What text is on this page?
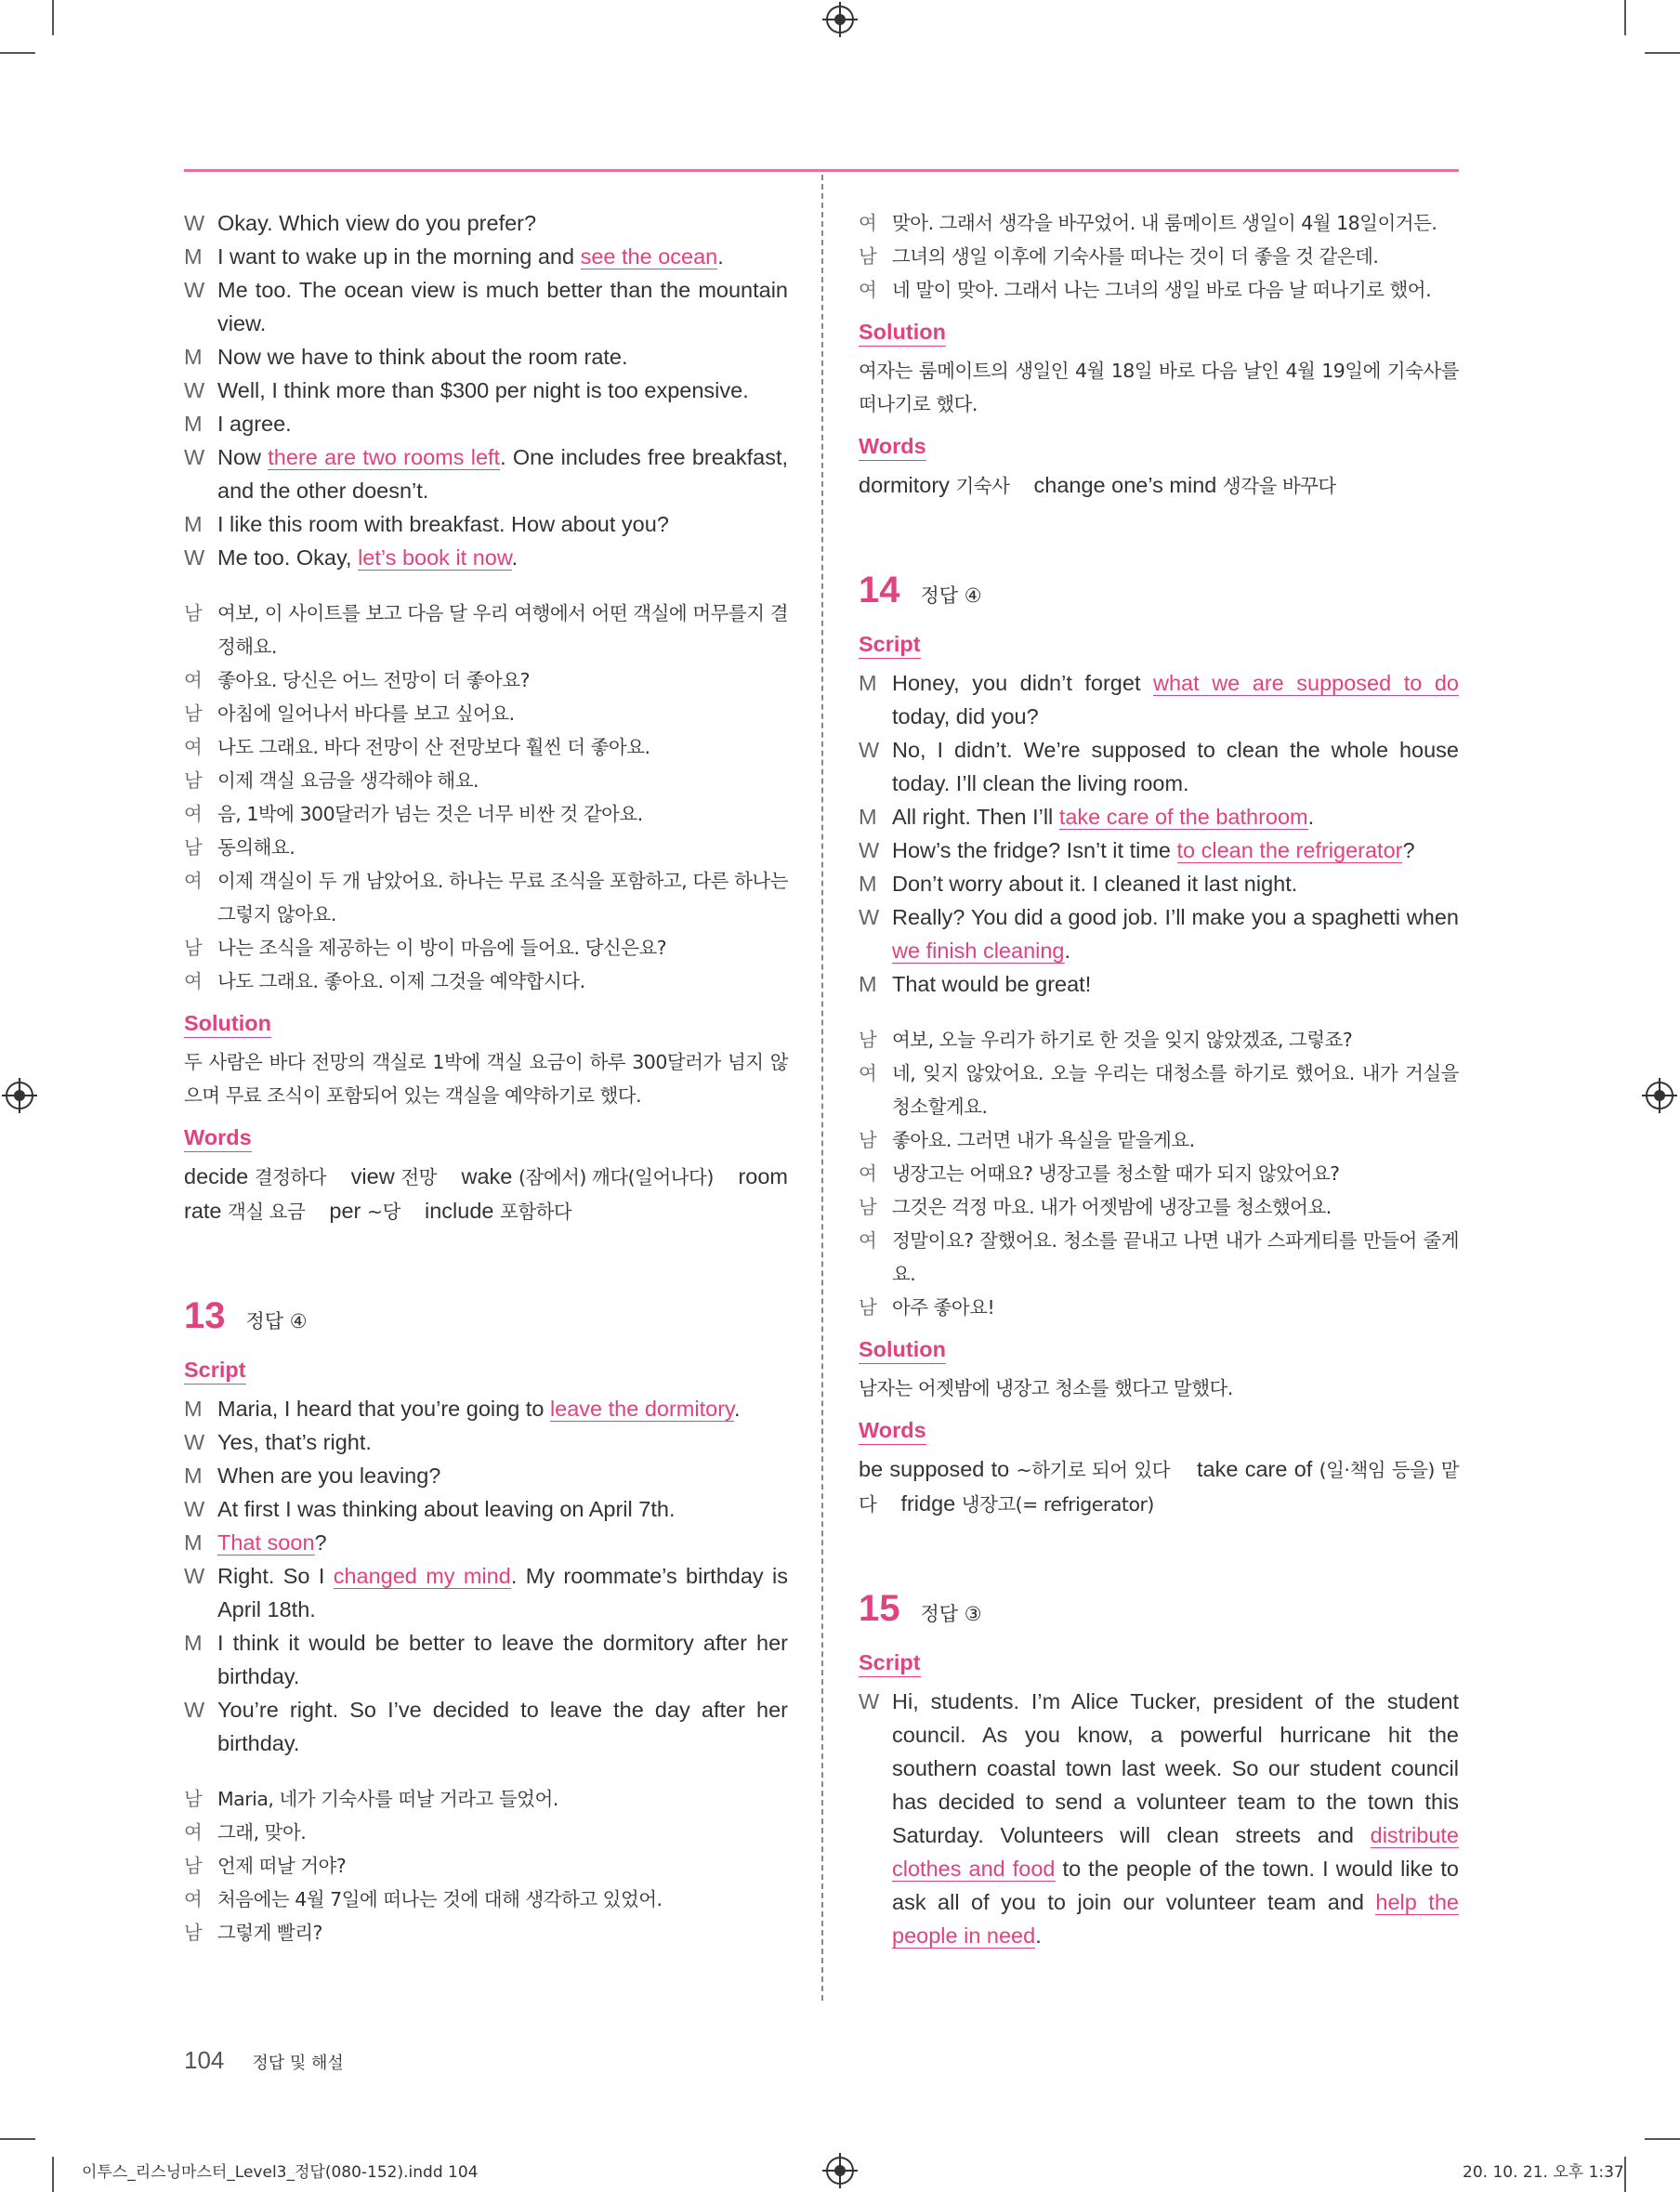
W Okay. Which view do you prefer?
M I want to wake up in the morning and see the ocean.
W Me too. The ocean view is much better than the mountain view.
M Now we have to think about the room rate.
W Well, I think more than $300 per night is too expensive.
M I agree.
W Now there are two rooms left. One includes free breakfast, and the other doesn’t.
M I like this room with breakfast. How about you?
W Me too. Okay, let’s book it now.
남 여보, 이 사이트를 보고 다음 달 우리 여행에서 어떤 객실에 머무를지 결정해요.
여 좋아요. 당신은 어느 전망이 더 좋아요?
남 아침에 일어나서 바다를 보고 싶어요.
여 나도 그래요. 바다 전망이 산 전망보다 훨씬 더 좋아요.
남 이제 객실 요금을 생각해야 해요.
여 음, 1박에 300달러가 넘는 것은 너무 비싼 것 같아요.
남 동의해요.
여 이제 객실이 두 개 남았어요. 하나는 무료 조식을 포함하고, 다른 하나는 그렇지 않아요.
남 나는 조식을 제공하는 이 방이 마음에 들어요. 당신은요?
여 나도 그래요. 좋아요. 이제 그것을 예약합시다.
Solution
두 사람은 바다 전망의 객실로 1박에 객실 요금이 하루 300달러가 넘지 않으며 무료 조식이 포함되어 있는 객실을 예약하기로 했다.
Words
decide 결정하다 view 전망 wake (잠에서) 깨다(일어나다) room rate 객실 요금 per ~당 include 포함하다
13 정답 ④
Script
M Maria, I heard that you’re going to leave the dormitory.
W Yes, that’s right.
M When are you leaving?
W At first I was thinking about leaving on April 7th.
M That soon?
W Right. So I changed my mind. My roommate’s birthday is April 18th.
M I think it would be better to leave the dormitory after her birthday.
W You’re right. So I’ve decided to leave the day after her birthday.
남 Maria, 네가 기숙사를 떠날 거라고 들었어.
여 그래, 맞아.
남 언제 떠날 거야?
여 처음에는 4월 7일에 떠나는 것에 대해 생각하고 있었어.
남 그렇게 빨리?
여 맞아. 그래서 생각을 바꾸었어. 내 룸메이트 생일이 4월 18일이거든.
남 그녀의 생일 이후에 기숙사를 떠나는 것이 더 좋을 것 같은데.
여 네 말이 맞아. 그래서 나는 그녀의 생일 바로 다음 날 떠나기로 했어.
Solution
여자는 룸메이트의 생일인 4월 18일 바로 다음 날인 4월 19일에 기숙사를 떠나기로 했다.
Words
dormitory 기숙사 change one’s mind 생각을 바꾸다
14 정답 ④
Script
M Honey, you didn’t forget what we are supposed to do today, did you?
W No, I didn’t. We’re supposed to clean the whole house today. I’ll clean the living room.
M All right. Then I’ll take care of the bathroom.
W How’s the fridge? Isn’t it time to clean the refrigerator?
M Don’t worry about it. I cleaned it last night.
W Really? You did a good job. I’ll make you a spaghetti when we finish cleaning.
M That would be great!
남 여보, 오늘 우리가 하기로 한 것을 잊지 않았겠죠, 그렇죠?
여 네, 잊지 않았어요. 오늘 우리는 대청소를 하기로 했어요. 내가 거실을 청소할게요.
남 좋아요. 그러면 내가 욕실을 맡을게요.
여 냉장고는 어때요? 냉장고를 청소할 때가 되지 않았어요?
남 그것은 걱정 마요. 내가 어젯밤에 냉장고를 청소했어요.
여 정말이요? 잘했어요. 청소를 끝내고 나면 내가 스파게티를 만들어 줄게요.
남 아주 좋아요!
Solution
남자는 어젯밤에 냉장고 청소를 했다고 말했다.
Words
be supposed to ~하기로 되어 있다 take care of (일·책임 등을) 맡다 fridge 냉장고(= refrigerator)
15 정답 ③
Script
W Hi, students. I’m Alice Tucker, president of the student council. As you know, a powerful hurricane hit the southern coastal town last week. So our student council has decided to send a volunteer team to the town this Saturday. Volunteers will clean streets and distribute clothes and food to the people of the town. I would like to ask all of you to join our volunteer team and help the people in need.
104 정답 및 해설
이투스_리스닝마스터_Level3_정답(080-152).indd 104	20. 10. 21. 오후 1:37
